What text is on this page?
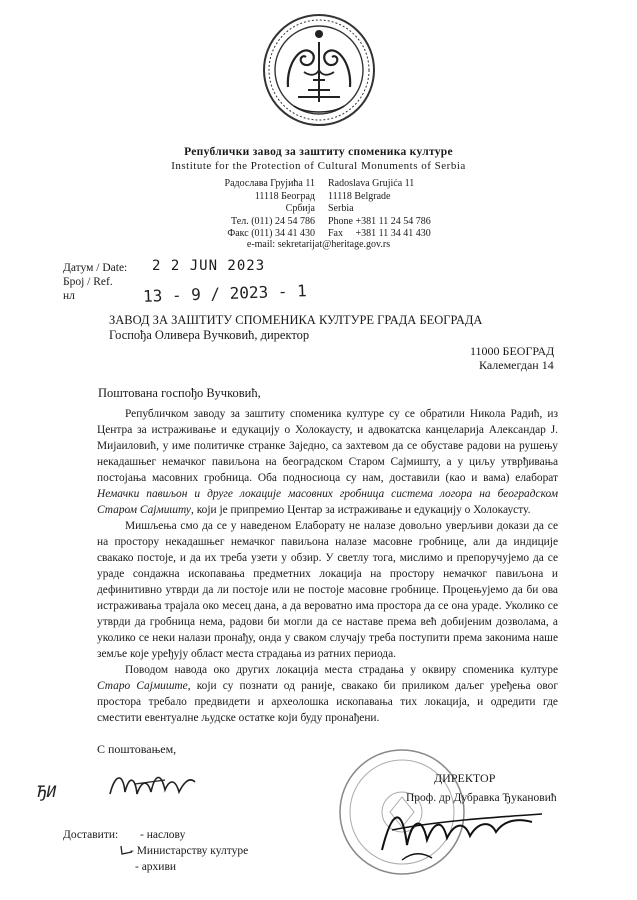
Републички завод за заштиту споменика културе
Institute for the Protection of Cultural Monuments of Serbia
Радослава Грујића 11
11118 Београд
Србија
Тел. (011) 24 54 786
Факс (011) 34 41 430
Radoslava Grujića 11
11118 Belgrade
Serbia
Phone +381 11 24 54 786
Fax     +381 11 34 41 430
e-mail: sekretarijat@heritage.gov.rs
Датум / Date: 2 2 JUN 2023
Број / Ref.
нл	13 - 9 / 2023 - 1
ЗАВОД ЗА ЗАШТИТУ СПОМЕНИКА КУЛТУРЕ ГРАДА БЕОГРАДА
Госпођа Оливера Вучковић, директор
11000 БЕОГРАД
Калемегдан 14
Поштована госпођо Вучковић,
Републичком заводу за заштиту споменика културе су се обратили Никола Радић, из Центра за истраживање и едукацију о Холокаусту, и адвокатска канцеларија Александар Ј. Мијаиловић, у име политичке странке Заједно, са захтевом да се обуставе радови на рушењу некадашњег немачког павиљона на београдском Старом Сајмишту, а у циљу утврђивања постојања масовних гробница. Оба подносиоца су нам, доставили (као и вама) елаборат Немачки павиљон и друге локације масовних гробница система логора на београдском Старом Сајмишту, који је припремио Центар за истраживање и едукацију о Холокаусту.
Мишљења смо да се у наведеном Елаборату не налазе довољно уверљиви докази да се на простору некадашњег немачког павиљона налазе масовне гробнице, али да индиције свакако постоје, и да их треба узети у обзир. У светлу тога, мислимо и препоручујемо да се ураде сондажна ископавања предметних локација на простору немачког павиљона и дефинитивно утврди да ли постоје или не постоје масовне гробнице. Процењујемо да би ова истраживања трајала око месец дана, а да вероватно има простора да се она ураде. Уколико се утврди да гробница нема, радови би могли да се наставе према већ добијеним дозволама, а уколико се неки налази пронађу, онда у сваком случају треба поступити према законима наше земље које уређују област места страдања из ратних периода.
Поводом навода око других локација места страдања у оквиру споменика културе Старо Сајмиште, који су познати од раније, свакако би приликом даљег уређења овог простора требало предвидети и археолошка ископавања тих локација, и одредити где сместити евентуалне људске остатке који буду пронађени.
С поштовањем,
ЂИ
ДИРЕКТОР
Проф. др Дубравка Ђукановић
Доставити: - наслову
- Министарству културе
- архиви
